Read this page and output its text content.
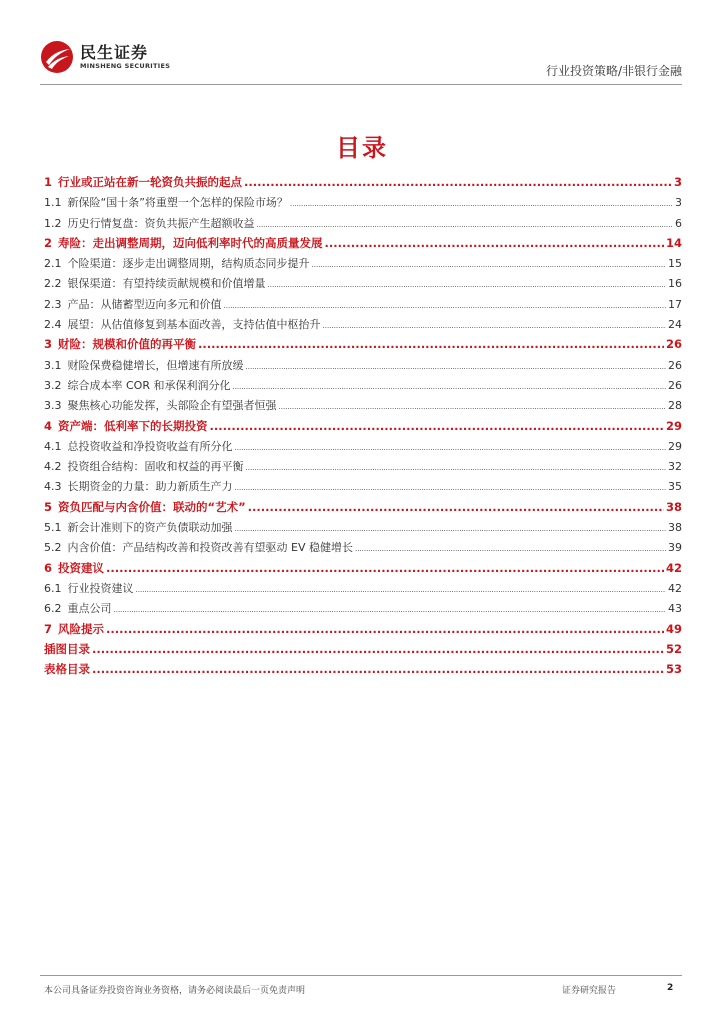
民生证券
MINSHENG SECURITIES	行业投资策略/非银行金融
目录
1 行业或正站在新一轮资负共振的起点 .....	3
1.1 新保险“国十条”将重塑一个怎样的保险市场？ .....	3
1.2 历史行情复盘：资负共振产生超额收益 .....	6
2 寿险：走出调整周期，迈向低利率时代的高质量发展 .....	14
2.1 个险渠道：逐步走出调整周期，结构质态同步提升 .....	15
2.2 银保渠道：有望持续贡献规模和价值增量 .....	16
2.3 产品：从储蓄型迈向多元和价值 .....	17
2.4 展望：从估值修复到基本面改善，支持估值中枢抬升 .....	24
3 财险：规模和价值的再平衡 .....	26
3.1 财险保费稳健增长，但增速有所放缓 .....	26
3.2 综合成本率 COR 和承保利润分化 .....	26
3.3 聚焦核心功能发挥，头部险企有望强者恒强 .....	28
4 资产端：低利率下的长期投资 .....	29
4.1 总投资收益和净投资收益有所分化 .....	29
4.2 投资组合结构：固收和权益的再平衡 .....	32
4.3 长期资金的力量：助力新质生产力 .....	35
5 资负匹配与内含价值：联动的“艺术” .....	38
5.1 新会计准则下的资产负债联动加强 .....	38
5.2 内含价值：产品结构改善和投资改善有望驱动 EV 稳健增长 .....	39
6 投资建议 .....	42
6.1 行业投资建议 .....	42
6.2 重点公司 .....	43
7 风险提示 .....	49
插图目录 .....	52
表格目录 .....	53
本公司具备证券投资咨询业务资格，请务必阅读最后一页免责声明	证券研究报告	2
